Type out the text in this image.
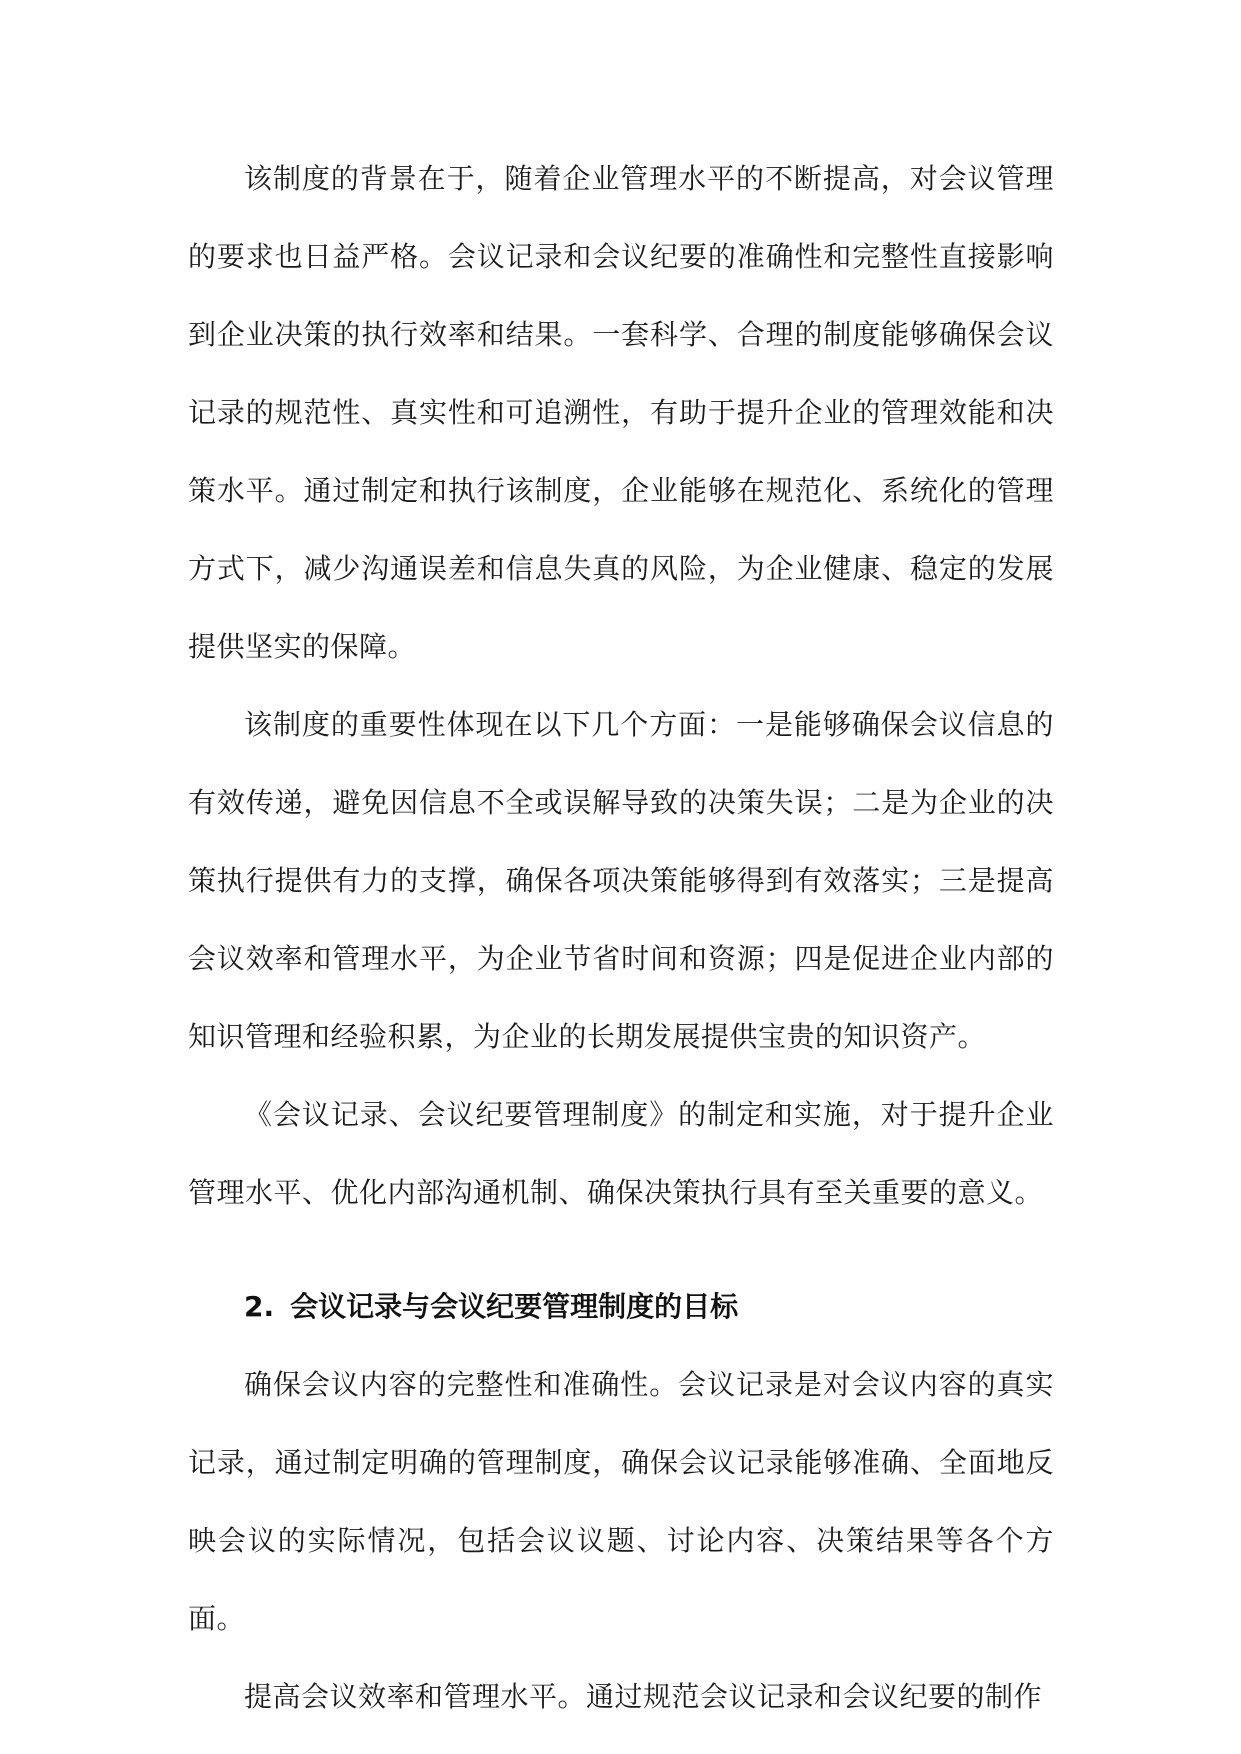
该制度的背景在于，随着企业管理水平的不断提高，对会议管理的要求也日益严格。会议记录和会议纪要的准确性和完整性直接影响到企业决策的执行效率和结果。一套科学、合理的制度能够确保会议记录的规范性、真实性和可追溯性，有助于提升企业的管理效能和决策水平。通过制定和执行该制度，企业能够在规范化、系统化的管理方式下，减少沟通误差和信息失真的风险，为企业健康、稳定的发展提供坚实的保障。

该制度的重要性体现在以下几个方面：一是能够确保会议信息的有效传递，避免因信息不全或误解导致的决策失误；二是为企业的决策执行提供有力的支撑，确保各项决策能够得到有效落实；三是提高会议效率和管理水平，为企业节省时间和资源；四是促进企业内部的知识管理和经验积累，为企业的长期发展提供宝贵的知识资产。

《会议记录、会议纪要管理制度》的制定和实施，对于提升企业管理水平、优化内部沟通机制、确保决策执行具有至关重要的意义。

2. 会议记录与会议纪要管理制度的目标

确保会议内容的完整性和准确性。会议记录是对会议内容的真实记录，通过制定明确的管理制度，确保会议记录能够准确、全面地反映会议的实际情况，包括会议议题、讨论内容、决策结果等各个方面。

提高会议效率和管理水平。通过规范会议记录和会议纪要的制作
